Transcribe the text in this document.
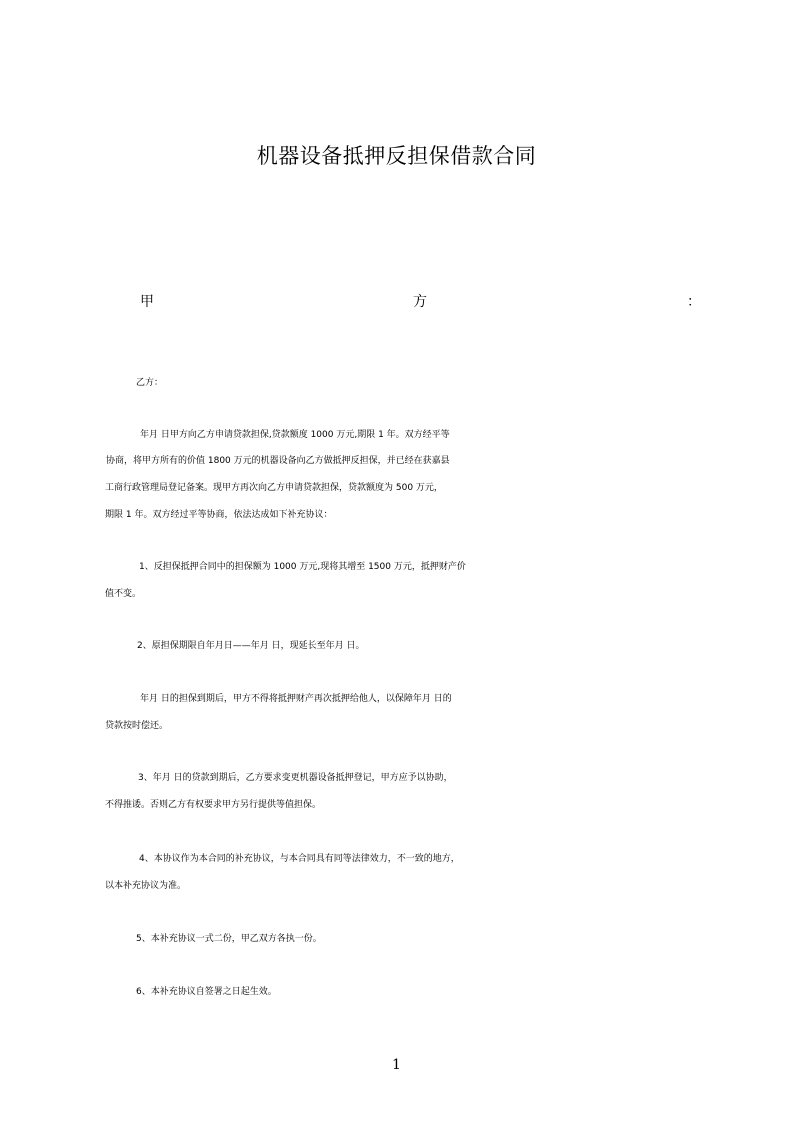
机器设备抵押反担保借款合同
甲	方	：
乙方：
年月 日甲方向乙方申请贷款担保,贷款额度 1000 万元,期限 1 年。双方经平等
协商，将甲方所有的价值 1800 万元的机器设备向乙方做抵押反担保，并已经在获嘉县
工商行政管理局登记备案。现甲方再次向乙方申请贷款担保，贷款额度为 500 万元，
期限 1 年。双方经过平等协商，依法达成如下补充协议：
1、反担保抵押合同中的担保额为 1000 万元,现将其增至 1500 万元，抵押财产价
值不变。
2、原担保期限自年月日——年月 日，现延长至年月 日。
年月 日的担保到期后，甲方不得将抵押财产再次抵押给他人，以保障年月 日的
贷款按时偿还。
3、年月 日的贷款到期后，乙方要求变更机器设备抵押登记，甲方应予以协助，
不得推诿。否则乙方有权要求甲方另行提供等值担保。
4、本协议作为本合同的补充协议，与本合同具有同等法律效力，不一致的地方，
以本补充协议为准。
5、本补充协议一式二份，甲乙双方各执一份。
6、本补充协议自签署之日起生效。
1
